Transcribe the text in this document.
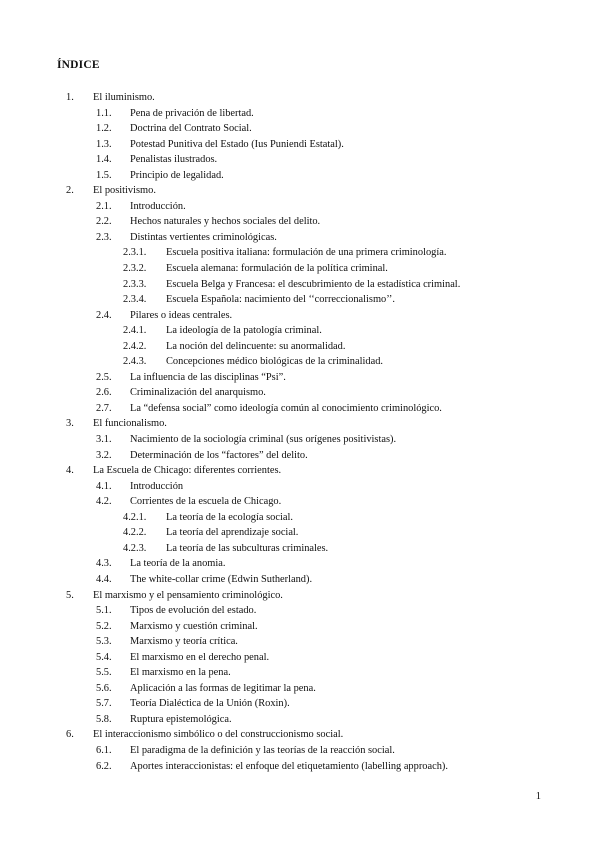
ÍNDICE
1. El iluminismo.
1.1. Pena de privación de libertad.
1.2. Doctrina del Contrato Social.
1.3. Potestad Punitiva del Estado (Ius Puniendi Estatal).
1.4. Penalistas ilustrados.
1.5. Principio de legalidad.
2. El positivismo.
2.1. Introducción.
2.2. Hechos naturales y hechos sociales del delito.
2.3. Distintas vertientes criminológicas.
2.3.1. Escuela positiva italiana: formulación de una primera criminología.
2.3.2. Escuela alemana: formulación de la política criminal.
2.3.3. Escuela Belga y Francesa: el descubrimiento de la estadística criminal.
2.3.4. Escuela Española: nacimiento del ‘‘correccionalismo’’.
2.4. Pilares o ideas centrales.
2.4.1. La ideología de la patología criminal.
2.4.2. La noción del delincuente: su anormalidad.
2.4.3. Concepciones médico biológicas de la criminalidad.
2.5. La influencia de las disciplinas “Psi”.
2.6. Criminalización del anarquismo.
2.7. La “defensa social” como ideología común al conocimiento criminológico.
3. El funcionalismo.
3.1. Nacimiento de la sociología criminal (sus orígenes positivistas).
3.2. Determinación de los “factores” del delito.
4. La Escuela de Chicago: diferentes corrientes.
4.1. Introducción
4.2. Corrientes de la escuela de Chicago.
4.2.1. La teoría de la ecología social.
4.2.2. La teoría del aprendizaje social.
4.2.3. La teoría de las subculturas criminales.
4.3. La teoría de la anomia.
4.4. The white-collar crime (Edwin Sutherland).
5. El marxismo y el pensamiento criminológico.
5.1. Tipos de evolución del estado.
5.2. Marxismo y cuestión criminal.
5.3. Marxismo y teoría crítica.
5.4. El marxismo en el derecho penal.
5.5. El marxismo en la pena.
5.6. Aplicación a las formas de legitimar la pena.
5.7. Teoría Dialéctica de la Unión (Roxin).
5.8. Ruptura epistemológica.
6. El interaccionismo simbólico o del construccionismo social.
6.1. El paradigma de la definición y las teorías de la reacción social.
6.2. Aportes interaccionistas: el enfoque del etiquetamiento (labelling approach).
1
